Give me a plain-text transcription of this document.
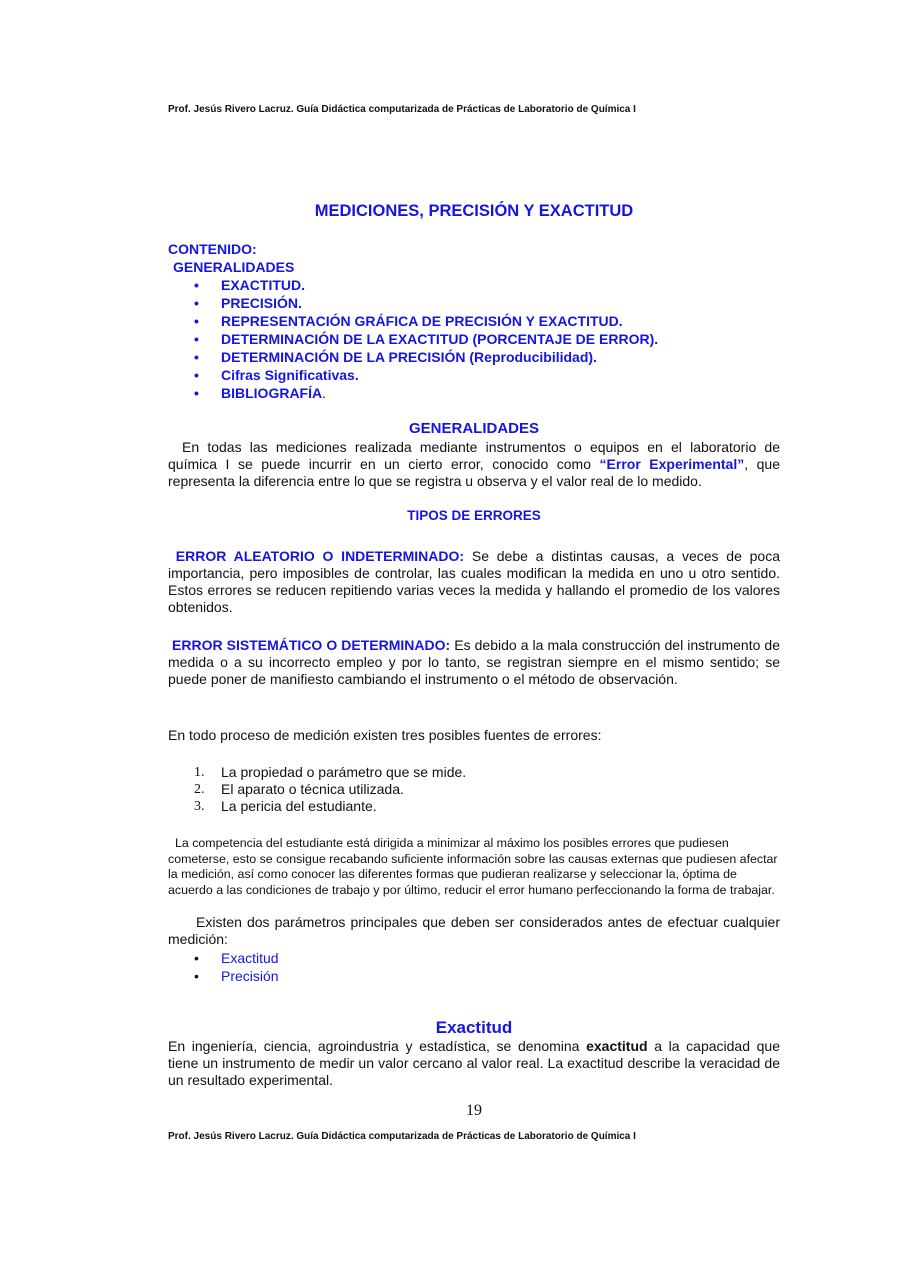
Prof. Jesús Rivero Lacruz. Guía Didáctica computarizada de Prácticas de Laboratorio de Química I
MEDICIONES, PRECISIÓN Y EXACTITUD
CONTENIDO:
GENERALIDADES
• EXACTITUD.
• PRECISIÓN.
• REPRESENTACIÓN GRÁFICA DE PRECISIÓN Y EXACTITUD.
• DETERMINACIÓN DE LA EXACTITUD (PORCENTAJE DE ERROR).
• DETERMINACIÓN DE LA PRECISIÓN (Reproducibilidad).
• Cifras Significativas.
• BIBLIOGRAFÍA.
GENERALIDADES
En todas las mediciones realizada mediante instrumentos o equipos en el laboratorio de química I se puede incurrir en un cierto error, conocido como “Error Experimental”, que representa la diferencia entre lo que se registra u observa y el valor real de lo medido.
TIPOS DE ERRORES
ERROR ALEATORIO O INDETERMINADO: Se debe a distintas causas, a veces de poca importancia, pero imposibles de controlar, las cuales modifican la medida en uno u otro sentido. Estos errores se reducen repitiendo varias veces la medida y hallando el promedio de los valores obtenidos.
ERROR SISTEMÁTICO O DETERMINADO: Es debido a la mala construcción del instrumento de medida o a su incorrecto empleo y por lo tanto, se registran siempre en el mismo sentido; se puede poner de manifiesto cambiando el instrumento o el método de observación.
En todo proceso de medición existen tres posibles fuentes de errores:
1. La propiedad o parámetro que se mide.
2. El aparato o técnica utilizada.
3. La pericia del estudiante.
La competencia del estudiante está dirigida a minimizar al máximo los posibles errores que pudiesen cometerse, esto se consigue recabando suficiente información sobre las causas externas que pudiesen afectar la medición, así como conocer las diferentes formas que pudieran realizarse y seleccionar la, óptima de acuerdo a las condiciones de trabajo y por último, reducir el error humano perfeccionando la forma de trabajar.
Existen dos parámetros principales que deben ser considerados antes de efectuar cualquier medición:
• Exactitud
• Precisión
Exactitud
En ingeniería, ciencia, agroindustria y estadística, se denomina exactitud a la capacidad que tiene un instrumento de medir un valor cercano al valor real. La exactitud describe la veracidad de un resultado experimental.
19
Prof. Jesús Rivero Lacruz. Guía Didáctica computarizada de Prácticas de Laboratorio de Química I
